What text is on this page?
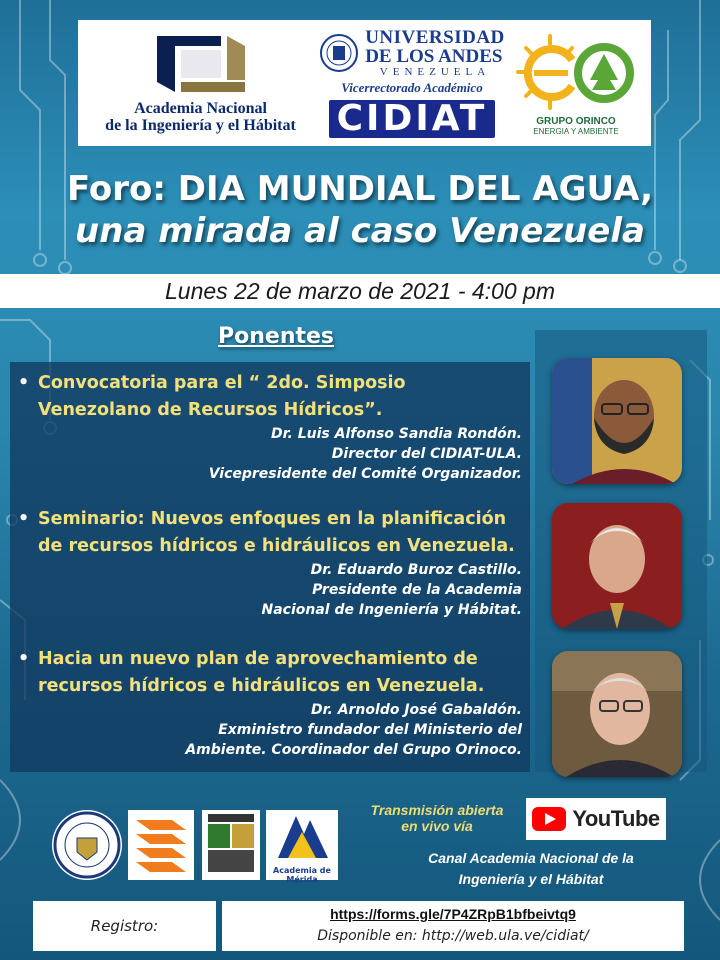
Academia Nacional
de la Ingeniería y el Hábitat
UNIVERSIDAD
DE LOS ANDES
VENEZUELA
Vicerrectorado Académico
CIDIAT	GRUPO ORINCO
ENERGIA Y AMBIENTE
Foro: DIA MUNDIAL DEL AGUA,
una mirada al caso Venezuela
Lunes 22 de marzo de 2021 - 4:00 pm
Ponentes
• Convocatoria para el “ 2do. Simposio
Venezolano de Recursos Hídricos”.
Dr. Luis Alfonso Sandia Rondón.
Director del CIDIAT-ULA.
Vicepresidente del Comité Organizador.
• Seminario: Nuevos enfoques en la planificación
de recursos hídricos e hidráulicos en Venezuela.
Dr. Eduardo Buroz Castillo.
Presidente de la Academia
Nacional de Ingeniería y Hábitat.
• Hacia un nuevo plan de aprovechamiento de
recursos hídricos e hidráulicos en Venezuela.
Dr. Arnoldo José Gabaldón.
Exministro fundador del Ministerio del
Ambiente. Coordinador del Grupo Orinoco.
Academia de Mérida
Transmisión abierta
en vivo vía	YouTube
Canal Academia Nacional de la
Ingeniería y el Hábitat
Registro:
https://forms.gle/7P4ZRpB1bfbeivtq9
Disponible en: http://web.ula.ve/cidiat/
